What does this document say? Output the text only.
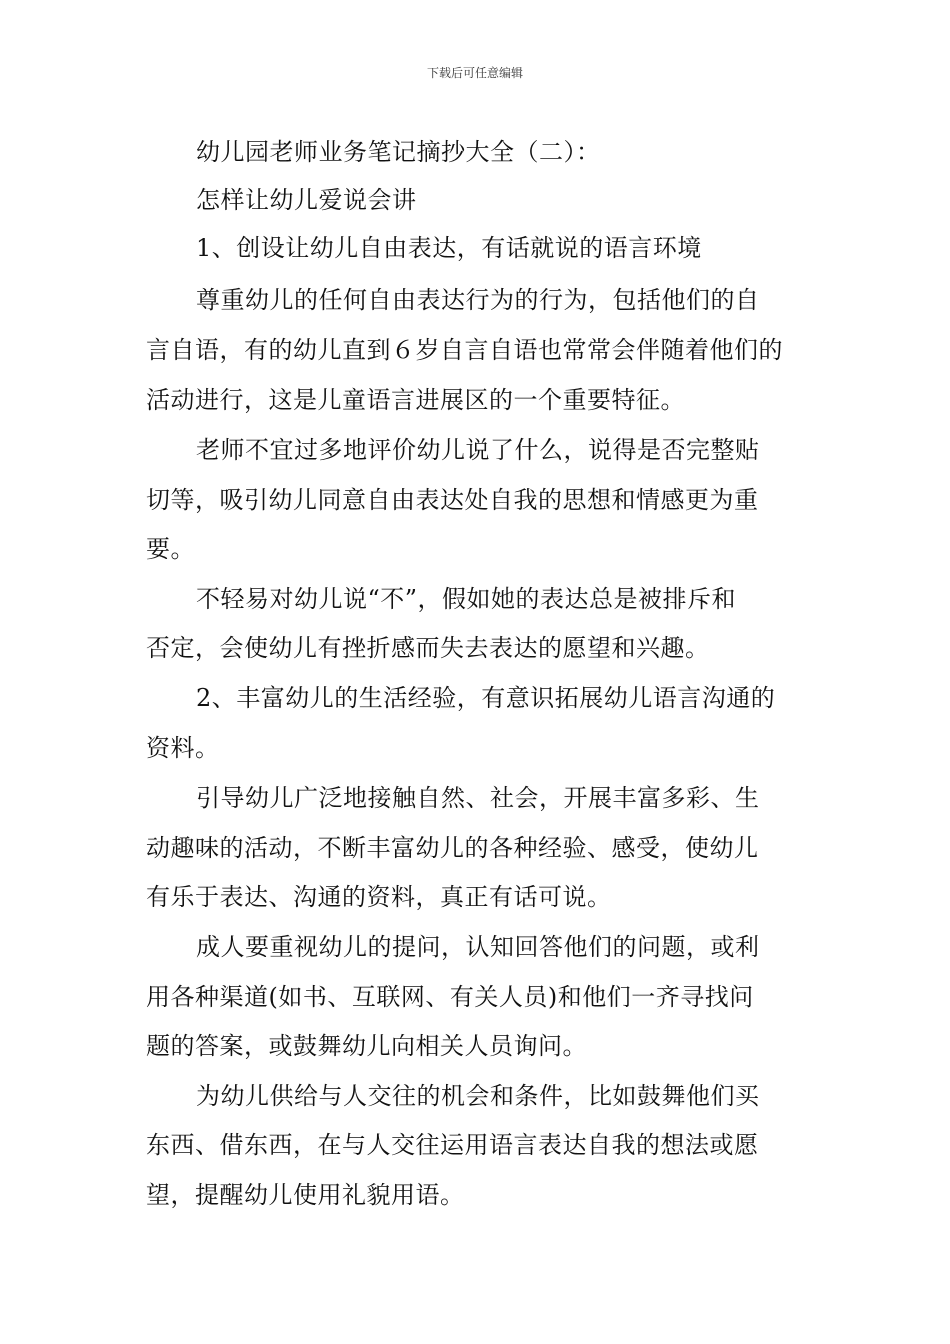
下载后可任意编辑
幼儿园老师业务笔记摘抄大全（二）：
怎样让幼儿爱说会讲
1、创设让幼儿自由表达，有话就说的语言环境
尊重幼儿的任何自由表达行为的行为，包括他们的自
言自语，有的幼儿直到６岁自言自语也常常会伴随着他们的
活动进行，这是儿童语言进展区的一个重要特征。
老师不宜过多地评价幼儿说了什么，说得是否完整贴
切等，吸引幼儿同意自由表达处自我的思想和情感更为重
要。
不轻易对幼儿说“不”，假如她的表达总是被排斥和
否定，会使幼儿有挫折感而失去表达的愿望和兴趣。
2、丰富幼儿的生活经验，有意识拓展幼儿语言沟通的
资料。
引导幼儿广泛地接触自然、社会，开展丰富多彩、生
动趣味的活动，不断丰富幼儿的各种经验、感受，使幼儿
有乐于表达、沟通的资料，真正有话可说。
成人要重视幼儿的提问，认知回答他们的问题，或利
用各种渠道(如书、互联网、有关人员)和他们一齐寻找问
题的答案，或鼓舞幼儿向相关人员询问。
为幼儿供给与人交往的机会和条件，比如鼓舞他们买
东西、借东西，在与人交往运用语言表达自我的想法或愿
望，提醒幼儿使用礼貌用语。
